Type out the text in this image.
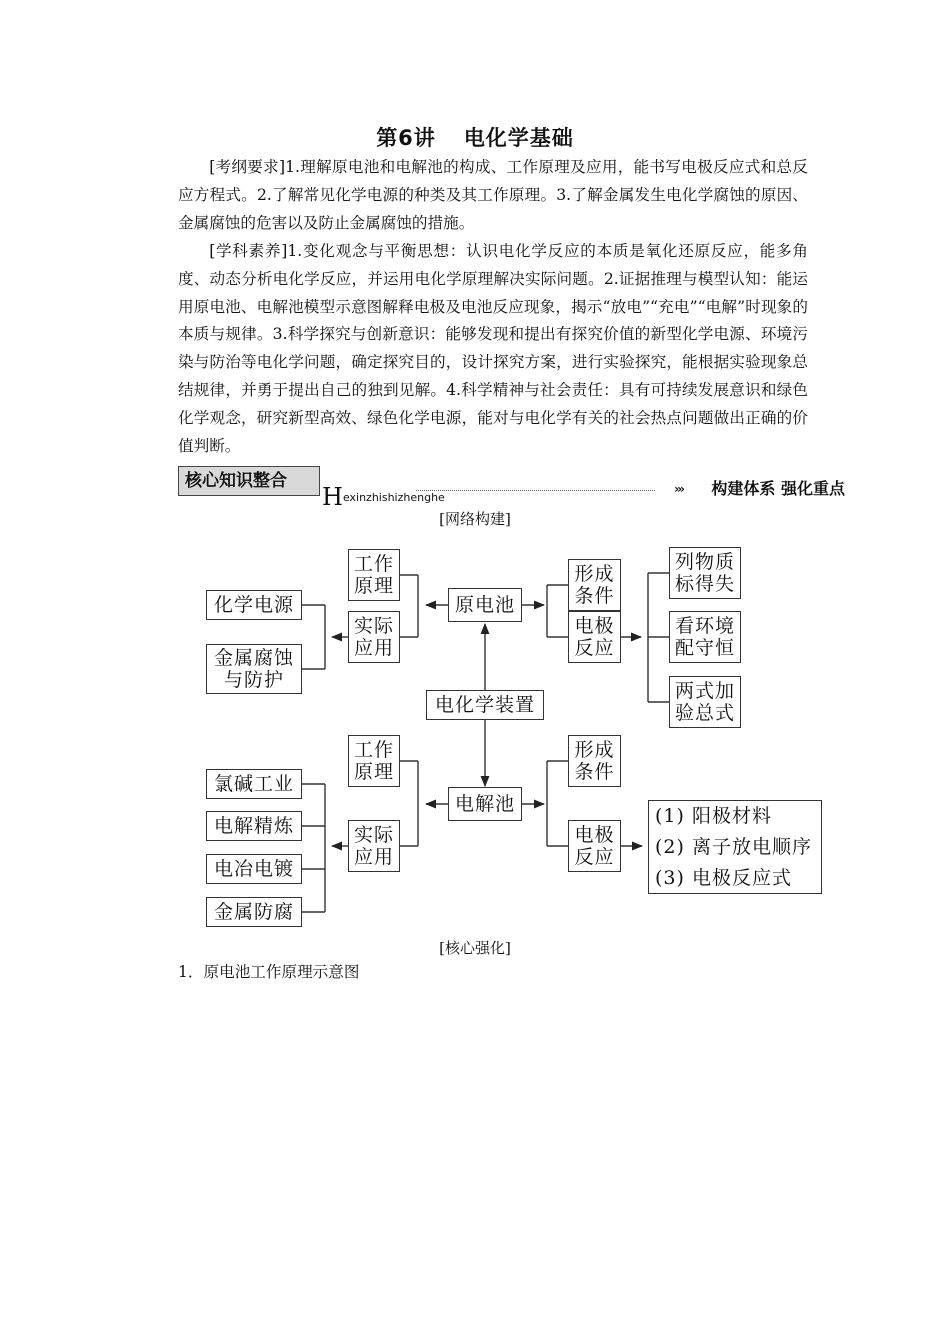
第6讲 电化学基础

[考纲要求]1.理解原电池和电解池的构成、工作原理及应用，能书写电极反应式和总反应方程式。2.了解常见化学电源的种类及其工作原理。3.了解金属发生电化学腐蚀的原因、金属腐蚀的危害以及防止金属腐蚀的措施。

[学科素养]1.变化观念与平衡思想：认识电化学反应的本质是氧化还原反应，能多角度、动态分析电化学反应，并运用电化学原理解决实际问题。2.证据推理与模型认知：能运用原电池、电解池模型示意图解释电极及电池反应现象，揭示“放电”“充电”“电解”时现象的本质与规律。3.科学探究与创新意识：能够发现和提出有探究价值的新型化学电源、环境污染与防治等电化学问题，确定探究目的，设计探究方案，进行实验探究，能根据实验现象总结规律，并勇于提出自己的独到见解。4.科学精神与社会责任：具有可持续发展意识和绿色化学观念，研究新型高效、绿色化学电源，能对与电化学有关的社会热点问题做出正确的价值判断。

核心知识整合
Hexinzhishizhenghe
››› 构建体系 强化重点
[网络构建]
电化学装置
原电池
工作
原理
实际
应用
化学电源
金属腐蚀
与防护
形成
条件
电极
反应
列物质
标得失
看环境
配守恒
两式加
验总式
电解池
工作
原理
实际
应用
氯碱工业
电解精炼
电冶电镀
金属防腐
形成
条件
电极
反应
(1) 阳极材料
(2) 离子放电顺序
(3) 电极反应式
[核心强化]
1．原电池工作原理示意图
